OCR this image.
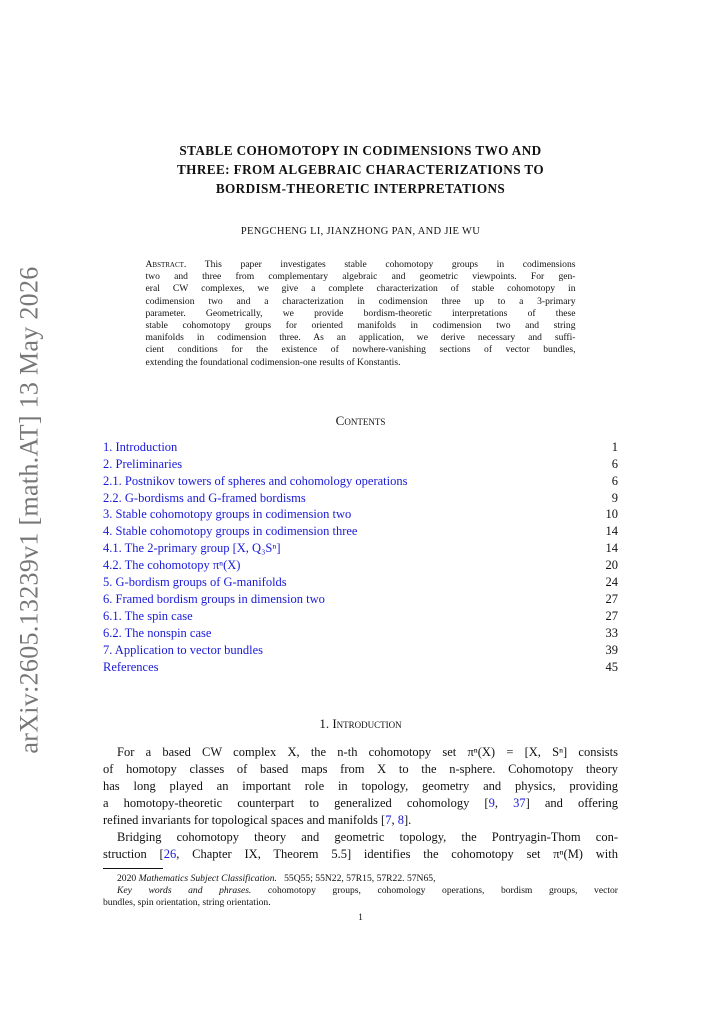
arXiv:2605.13239v1 [math.AT] 13 May 2026
STABLE COHOMOTOPY IN CODIMENSIONS TWO AND
THREE: FROM ALGEBRAIC CHARACTERIZATIONS TO
BORDISM-THEORETIC INTERPRETATIONS
PENGCHENG LI, JIANZHONG PAN, AND JIE WU
Abstract. This paper investigates stable cohomotopy groups in codimensions
two and three from complementary algebraic and geometric viewpoints. For gen-
eral CW complexes, we give a complete characterization of stable cohomotopy in
codimension two and a characterization in codimension three up to a 3-primary
parameter. Geometrically, we provide bordism-theoretic interpretations of these
stable cohomotopy groups for oriented manifolds in codimension two and string
manifolds in codimension three. As an application, we derive necessary and suffi-
cient conditions for the existence of nowhere-vanishing sections of vector bundles,
extending the foundational codimension-one results of Konstantis.
Contents
1. Introduction	1
2. Preliminaries	6
2.1. Postnikov towers of spheres and cohomology operations	6
2.2. G-bordisms and G-framed bordisms	9
3. Stable cohomotopy groups in codimension two	10
4. Stable cohomotopy groups in codimension three	14
4.1. The 2-primary group [X, Q₃Sⁿ]	14
4.2. The cohomotopy πⁿ(X)	20
5. G-bordism groups of G-manifolds	24
6. Framed bordism groups in dimension two	27
6.1. The spin case	27
6.2. The nonspin case	33
7. Application to vector bundles	39
References	45
1. Introduction
For a based CW complex X, the n-th cohomotopy set πⁿ(X) = [X, Sⁿ] consists
of homotopy classes of based maps from X to the n-sphere. Cohomotopy theory
has long played an important role in topology, geometry and physics, providing
a homotopy-theoretic counterpart to generalized cohomology [9, 37] and offering
refined invariants for topological spaces and manifolds [7, 8].
Bridging cohomotopy theory and geometric topology, the Pontryagin-Thom con-
struction [26, Chapter IX, Theorem 5.5] identifies the cohomotopy set πⁿ(M) with
2020 Mathematics Subject Classification. 55Q55; 55N22, 57R15, 57R22. 57N65,
Key words and phrases. cohomotopy groups, cohomology operations, bordism groups, vector
bundles, spin orientation, string orientation.
1
